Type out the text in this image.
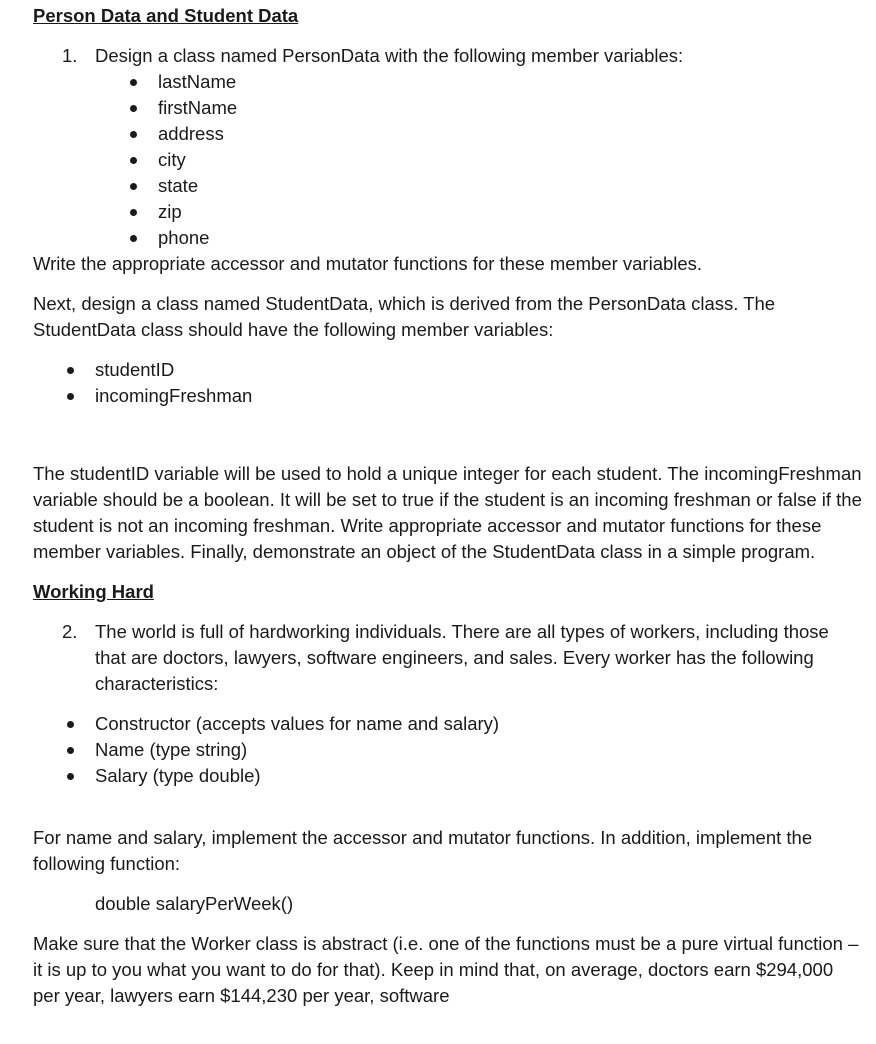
Person Data and Student Data
1. Design a class named PersonData with the following member variables:
lastName
firstName
address
city
state
zip
phone

Write the appropriate accessor and mutator functions for these member variables.

Next, design a class named StudentData, which is derived from the PersonData class. The StudentData class should have the following member variables:

studentID
incomingFreshman

The studentID variable will be used to hold a unique integer for each student. The incomingFreshman variable should be a boolean. It will be set to true if the student is an incoming freshman or false if the student is not an incoming freshman. Write appropriate accessor and mutator functions for these member variables. Finally, demonstrate an object of the StudentData class in a simple program.

Working Hard
2. The world is full of hardworking individuals. There are all types of workers, including those that are doctors, lawyers, software engineers, and sales. Every worker has the following characteristics:
Constructor (accepts values for name and salary)
Name (type string)
Salary (type double)

For name and salary, implement the accessor and mutator functions. In addition, implement the following function:

double salaryPerWeek()

Make sure that the Worker class is abstract (i.e. one of the functions must be a pure virtual function – it is up to you what you want to do for that). Keep in mind that, on average, doctors earn $294,000 per year, lawyers earn $144,230 per year, software
